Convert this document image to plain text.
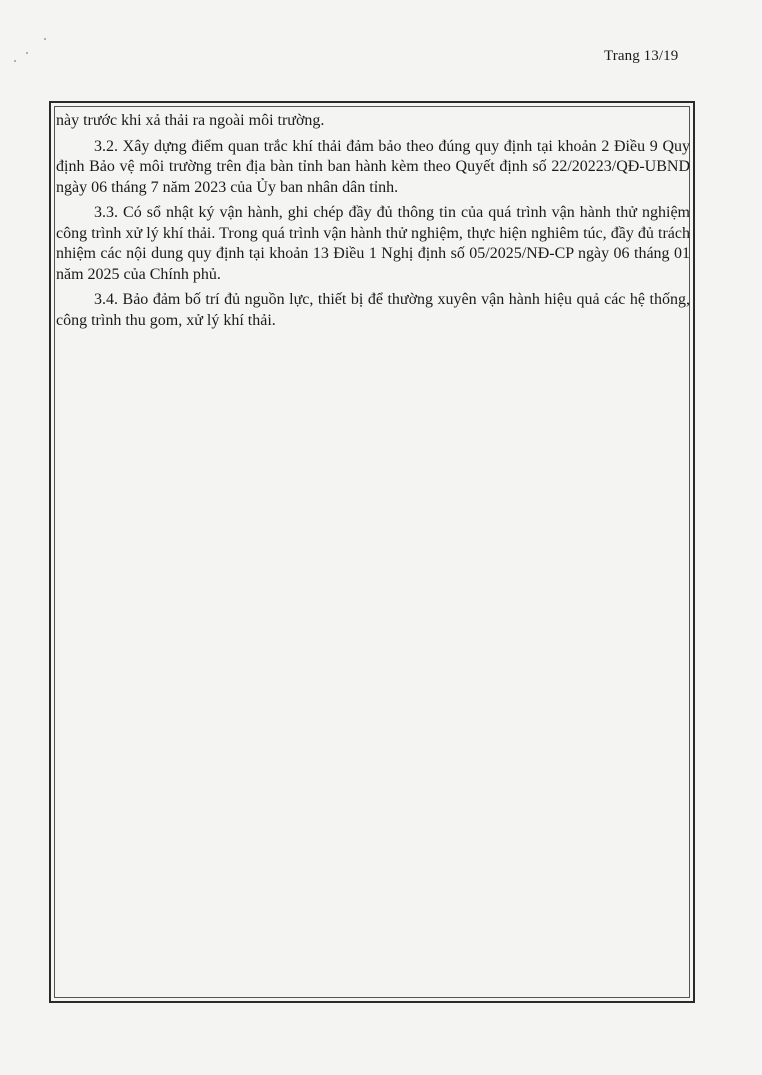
Trang 13/19

này trước khi xả thải ra ngoài môi trường.

3.2. Xây dựng điểm quan trắc khí thải đảm bảo theo đúng quy định tại khoản 2 Điều 9 Quy định Bảo vệ môi trường trên địa bàn tỉnh ban hành kèm theo Quyết định số 22/20223/QĐ-UBND ngày 06 tháng 7 năm 2023 của Ủy ban nhân dân tỉnh.

3.3. Có sổ nhật ký vận hành, ghi chép đầy đủ thông tin của quá trình vận hành thử nghiệm công trình xử lý khí thải. Trong quá trình vận hành thử nghiệm, thực hiện nghiêm túc, đầy đủ trách nhiệm các nội dung quy định tại khoản 13 Điều 1 Nghị định số 05/2025/NĐ-CP ngày 06 tháng 01 năm 2025 của Chính phủ.

3.4. Bảo đảm bố trí đủ nguồn lực, thiết bị để thường xuyên vận hành hiệu quả các hệ thống, công trình thu gom, xử lý khí thải.
